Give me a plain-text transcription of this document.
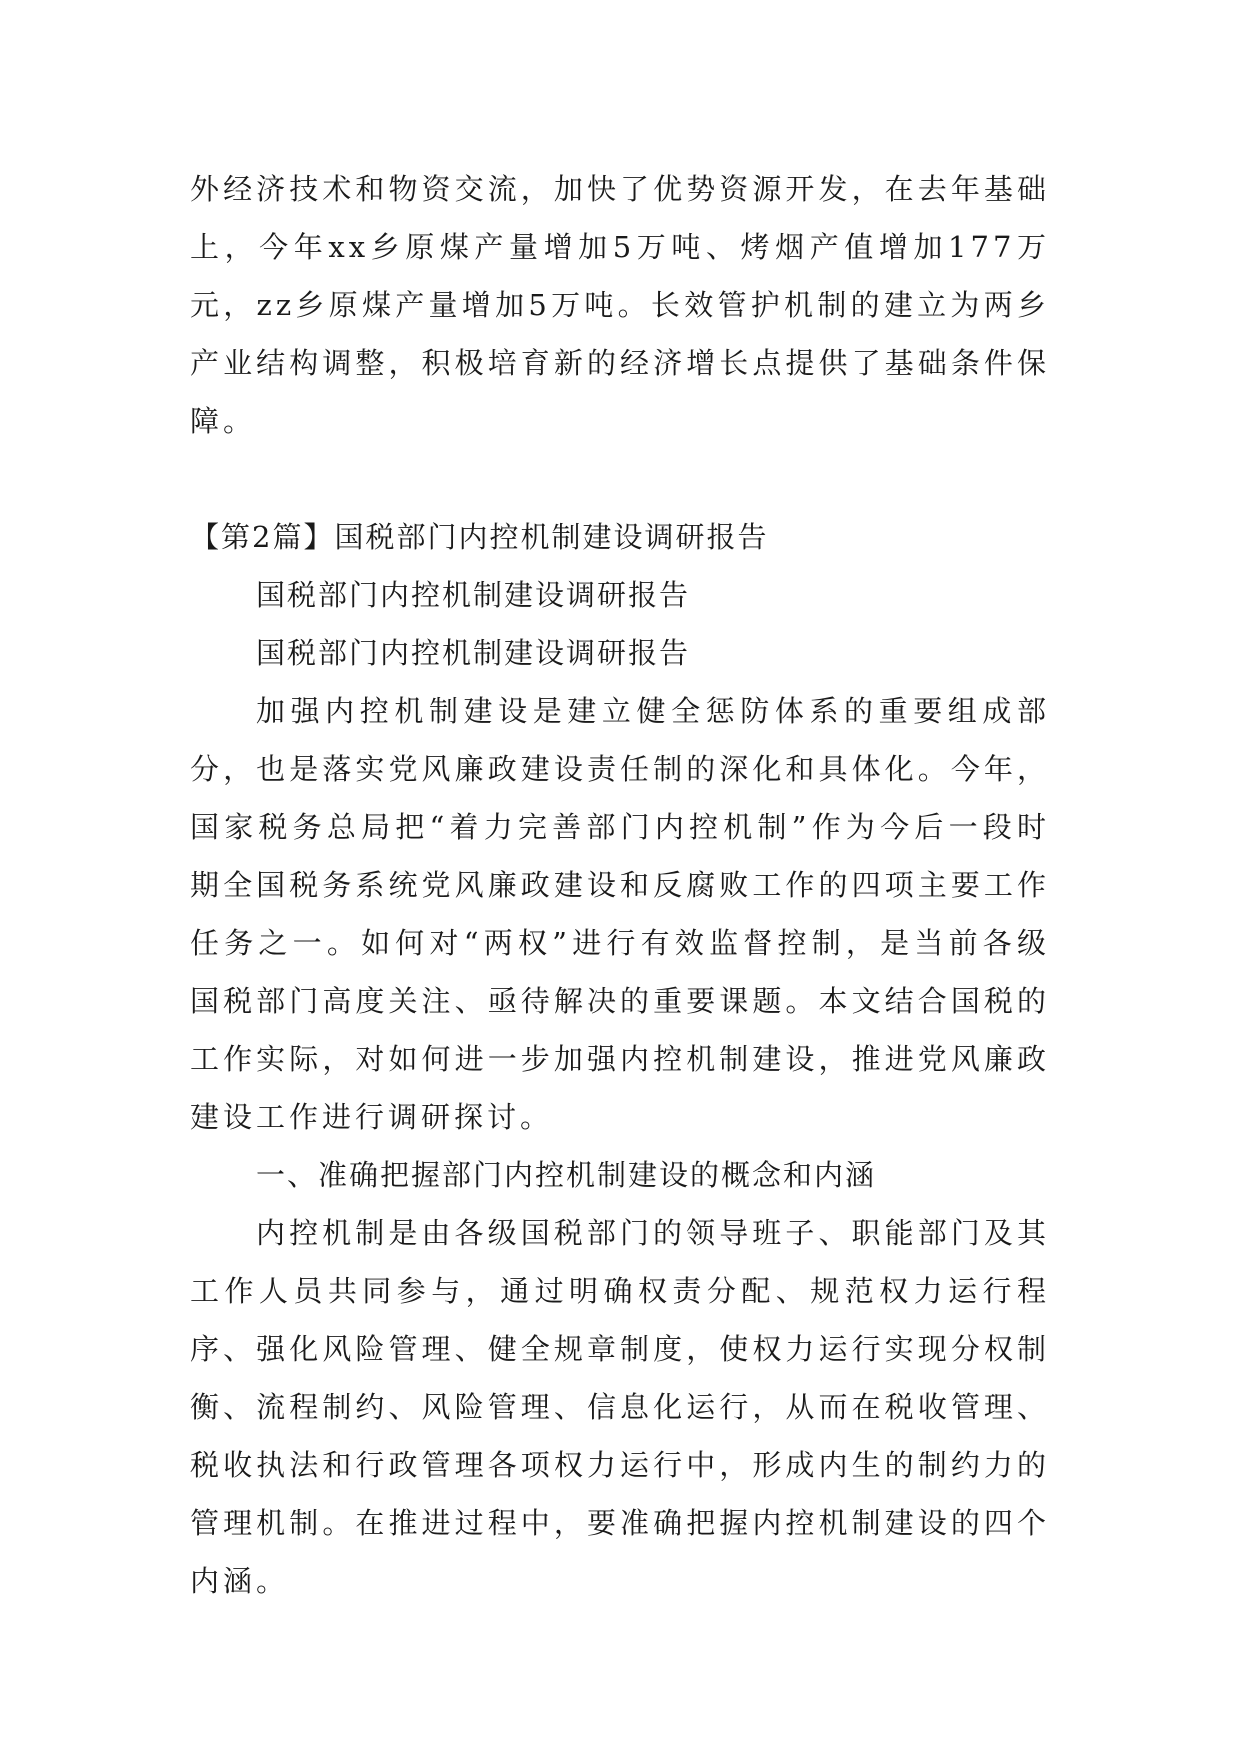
外经济技术和物资交流，加快了优势资源开发，在去年基础上，今年xx乡原煤产量增加5万吨、烤烟产值增加177万元，zz乡原煤产量增加5万吨。长效管护机制的建立为两乡产业结构调整，积极培育新的经济增长点提供了基础条件保障。

【第2篇】国税部门内控机制建设调研报告

国税部门内控机制建设调研报告

国税部门内控机制建设调研报告

加强内控机制建设是建立健全惩防体系的重要组成部分，也是落实党风廉政建设责任制的深化和具体化。今年，国家税务总局把“着力完善部门内控机制”作为今后一段时期全国税务系统党风廉政建设和反腐败工作的四项主要工作任务之一。如何对“两权”进行有效监督控制，是当前各级国税部门高度关注、亟待解决的重要课题。本文结合国税的工作实际，对如何进一步加强内控机制建设，推进党风廉政建设工作进行调研探讨。

一、准确把握部门内控机制建设的概念和内涵

内控机制是由各级国税部门的领导班子、职能部门及其工作人员共同参与，通过明确权责分配、规范权力运行程序、强化风险管理、健全规章制度，使权力运行实现分权制衡、流程制约、风险管理、信息化运行，从而在税收管理、税收执法和行政管理各项权力运行中，形成内生的制约力的管理机制。在推进过程中，要准确把握内控机制建设的四个内涵。
